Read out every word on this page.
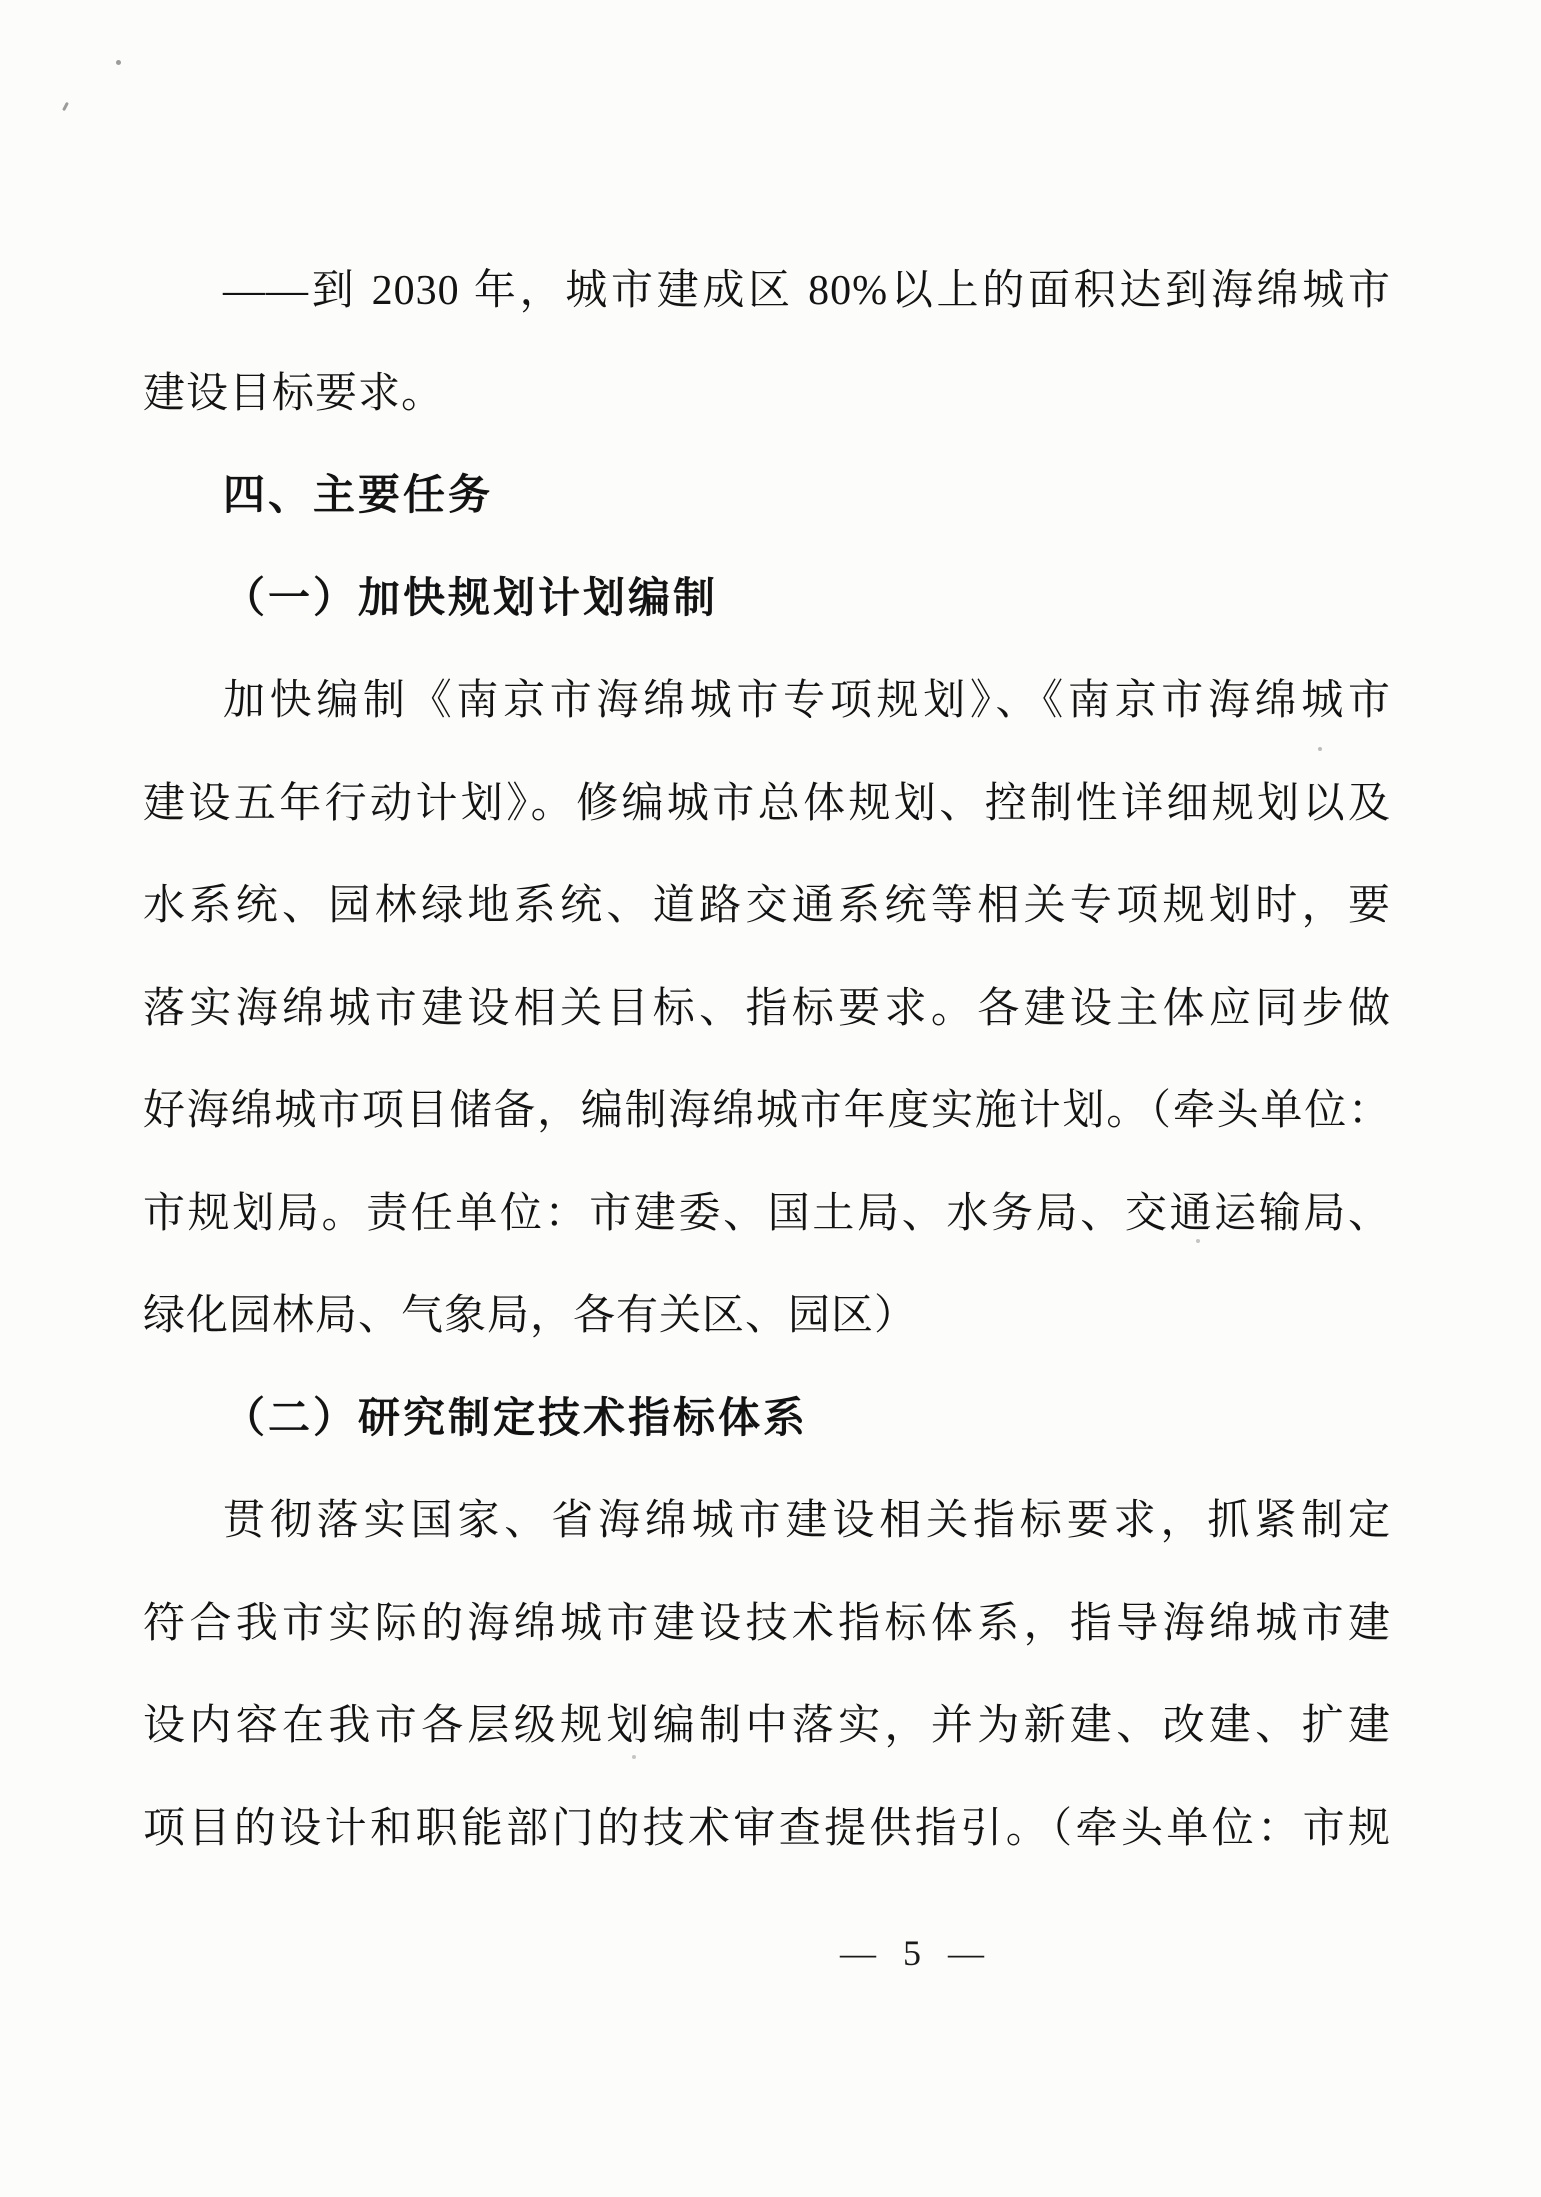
——到 2030 年，城市建成区 80%以上的面积达到海绵城市
建设目标要求。
四、主要任务
（一）加快规划计划编制
加快编制《南京市海绵城市专项规划》、《南京市海绵城市
建设五年行动计划》。修编城市总体规划、控制性详细规划以及
水系统、园林绿地系统、道路交通系统等相关专项规划时，要
落实海绵城市建设相关目标、指标要求。各建设主体应同步做
好海绵城市项目储备，编制海绵城市年度实施计划。（牵头单位：
市规划局。责任单位：市建委、国土局、水务局、交通运输局、
绿化园林局、气象局，各有关区、园区）
（二）研究制定技术指标体系
贯彻落实国家、省海绵城市建设相关指标要求，抓紧制定
符合我市实际的海绵城市建设技术指标体系，指导海绵城市建
设内容在我市各层级规划编制中落实，并为新建、改建、扩建
项目的设计和职能部门的技术审查提供指引。（牵头单位：市规
— 5 —
